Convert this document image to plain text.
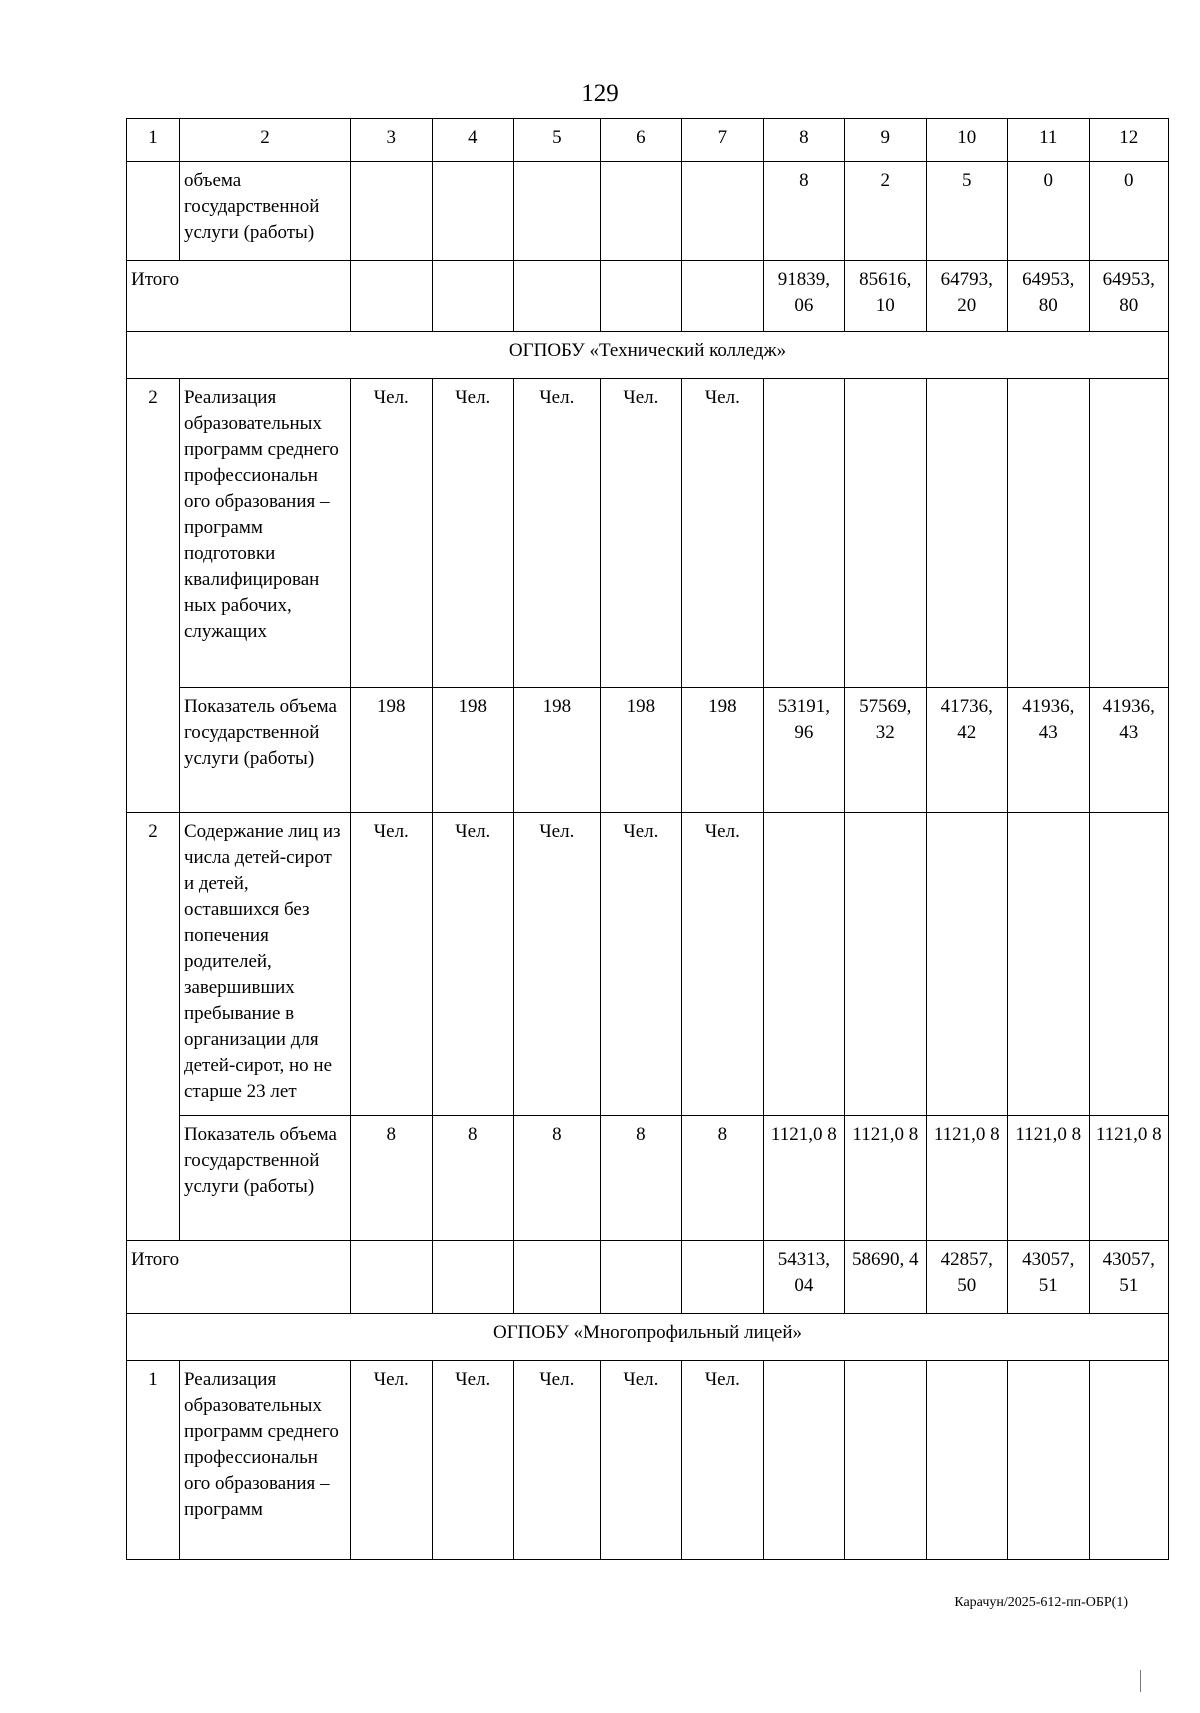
129
1	2	3	4	5	6	7	8	9	10	11	12
	объема государственной услуги (работы)						8	2	5	0	0
Итого							91839, 06	85616, 10	64793, 20	64953, 80	64953, 80
ОГПОБУ «Технический колледж»											
2	Реализация образовательных программ среднего профессиональн ого образования – программ подготовки квалифицирован ных рабочих, служащих	Чел.	Чел.	Чел.	Чел.	Чел.					
	Показатель объема государственной услуги (работы)	198	198	198	198	198	53191, 96	57569, 32	41736, 42	41936, 43	41936, 43
2	Содержание лиц из числа детей-сирот и детей, оставшихся без попечения родителей, завершивших пребывание в организации для детей-сирот, но не старше 23 лет	Чел.	Чел.	Чел.	Чел.	Чел.					
	Показатель объема государственной услуги (работы)	8	8	8	8	8	1121,0 8	1121,0 8	1121,0 8	1121,0 8	1121,0 8
Итого							54313, 04	58690, 4	42857, 50	43057, 51	43057, 51
ОГПОБУ «Многопрофильный лицей»											
1	Реализация образовательных программ среднего профессиональн ого образования – программ	Чел.	Чел.	Чел.	Чел.	Чел.					
Карачун/2025-612-пп-ОБР(1)
